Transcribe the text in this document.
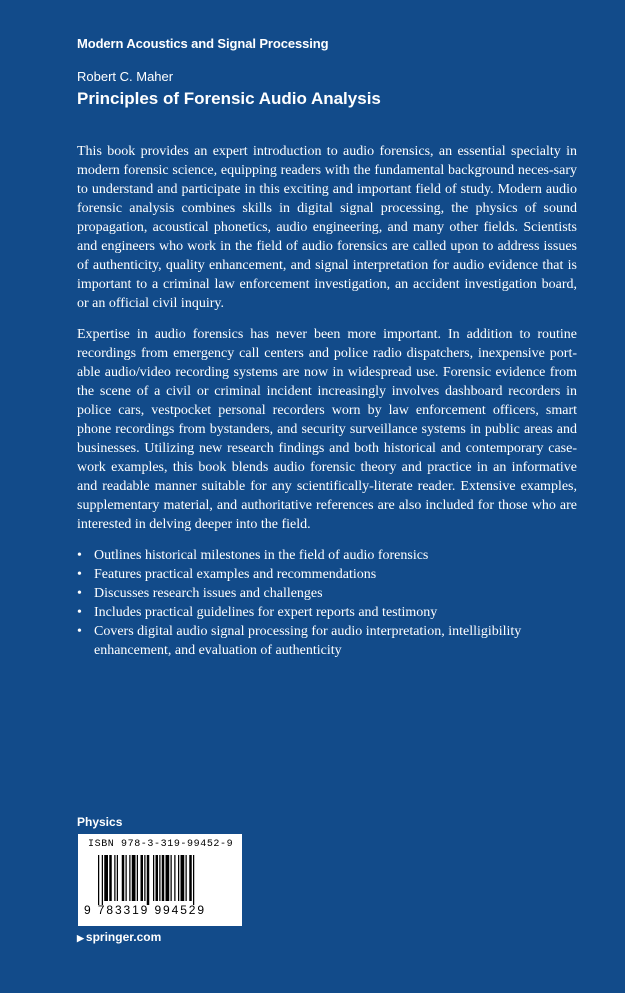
Modern Acoustics and Signal Processing
Robert C. Maher
Principles of Forensic Audio Analysis

This book provides an expert introduction to audio forensics, an essential specialty in modern forensic science, equipping readers with the fundamental background neces-sary to understand and participate in this exciting and important field of study. Modern audio forensic analysis combines skills in digital signal processing, the physics of sound propagation, acoustical phonetics, audio engineering, and many other fields. Scientists and engineers who work in the field of audio forensics are called upon to address issues of authenticity, quality enhancement, and signal interpretation for audio evidence that is important to a criminal law enforcement investigation, an accident investigation board, or an official civil inquiry.

Expertise in audio forensics has never been more important. In addition to routine recordings from emergency call centers and police radio dispatchers, inexpensive port-able audio/video recording systems are now in widespread use. Forensic evidence from the scene of a civil or criminal incident increasingly involves dashboard recorders in police cars, vestpocket personal recorders worn by law enforcement officers, smart phone recordings from bystanders, and security surveillance systems in public areas and businesses. Utilizing new research findings and both historical and contemporary case-work examples, this book blends audio forensic theory and practice in an informative and readable manner suitable for any scientifically-literate reader. Extensive examples, supplementary material, and authoritative references are also included for those who are interested in delving deeper into the field.

• Outlines historical milestones in the field of audio forensics
• Features practical examples and recommendations
• Discusses research issues and challenges
• Includes practical guidelines for expert reports and testimony
• Covers digital audio signal processing for audio interpretation, intelligibility enhancement, and evaluation of authenticity
Physics
ISBN 978-3-319-99452-9
9 783319 994529
▶ springer.com
